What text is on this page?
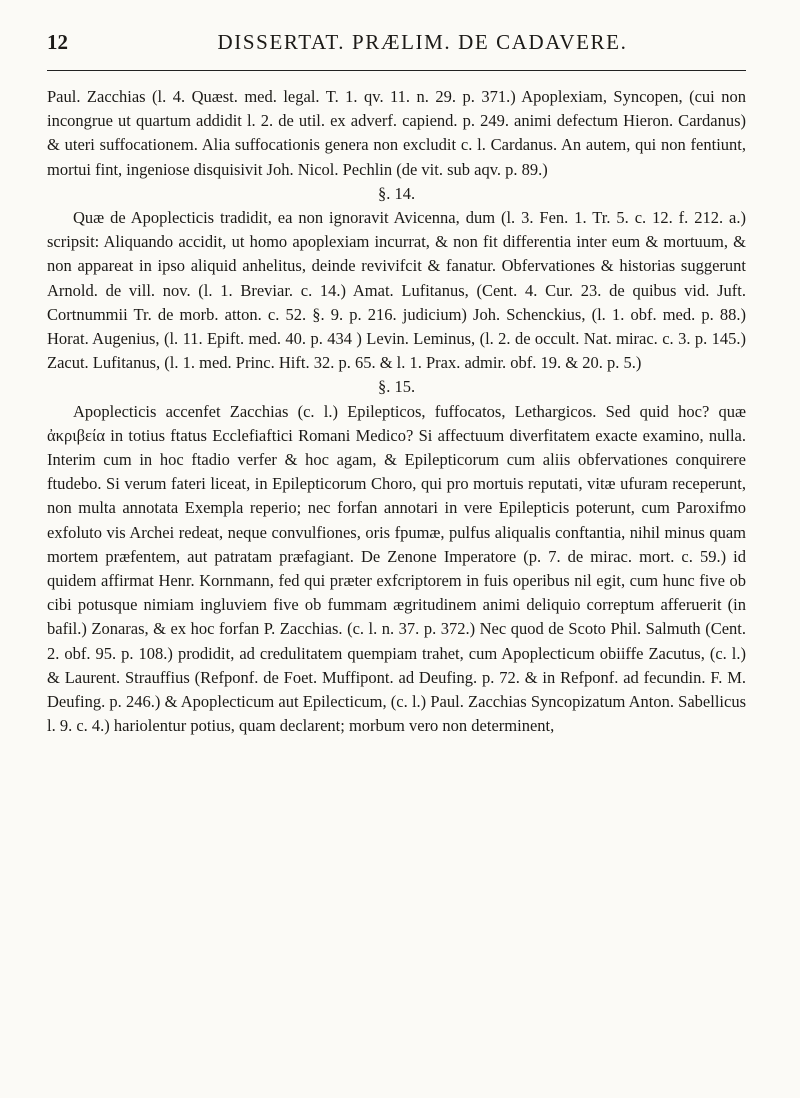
12	DISSERTAT. PRÆLIM. DE CADAVERE.

Paul. Zacchias (l. 4. Quæst. med. legal. T. 1. qv. 11. n. 29. p. 371.) Apoplexiam, Syncopen, (cui non incongrue ut quartum addidit l. 2. de util. ex adverf. capiend. p. 249. animi defectum Hieron. Cardanus) & uteri suffocationem. Alia suffocationis genera non excludit c. l. Cardanus. An autem, qui non fentiunt, mortui fint, ingeniose disquisivit Joh. Nicol. Pechlin (de vit. sub aqv. p. 89.)

§. 14.

Quæ de Apoplecticis tradidit, ea non ignoravit Avicenna, dum (l. 3. Fen. 1. Tr. 5. c. 12. f. 212. a.) scripsit: Aliquando accidit, ut homo apoplexiam incurrat, & non fit differentia inter eum & mortuum, & non appareat in ipso aliquid anhelitus, deinde revivifcit & fanatur. Obfervationes & historias suggerunt Arnold. de vill. nov. (l. 1. Breviar. c. 14.) Amat. Lufitanus, (Cent. 4. Cur. 23. de quibus vid. Juft. Cortnummii Tr. de morb. atton. c. 52. §. 9. p. 216. judicium) Joh. Schenckius, (l. 1. obf. med. p. 88.) Horat. Augenius, (l. 11. Epift. med. 40. p. 434 ) Levin. Leminus, (l. 2. de occult. Nat. mirac. c. 3. p. 145.) Zacut. Lufitanus, (l. 1. med. Princ. Hift. 32. p. 65. & l. 1. Prax. admir. obf. 19. & 20. p. 5.)

§. 15.

Apoplecticis accenfet Zacchias (c. l.) Epilepticos, fuffocatos, Lethargicos. Sed quid hoc? quæ ἀκριβεία in totius ftatus Ecclefiaftici Romani Medico? Si affectuum diverfitatem exacte examino, nulla. Interim cum in hoc ftadio verfer & hoc agam, & Epilepticorum cum aliis obfervationes conquirere ftudebo. Si verum fateri liceat, in Epilepticorum Choro, qui pro mortuis reputati, vitæ ufuram receperunt, non multa annotata Exempla reperio; nec forfan annotari in vere Epilepticis poterunt, cum Paroxifmo exfoluto vis Archei redeat, neque convulfiones, oris fpumæ, pulfus aliqualis conftantia, nihil minus quam mortem præfentem, aut patratam præfagiant. De Zenone Imperatore (p. 7. de mirac. mort. c. 59.) id quidem affirmat Henr. Kornmann, fed qui præter exfcriptorem in fuis operibus nil egit, cum hunc five ob cibi potusque nimiam ingluviem five ob fummam ægritudinem animi deliquio correptum afferuerit (in bafil.) Zonaras, & ex hoc forfan P. Zacchias. (c. l. n. 37. p. 372.) Nec quod de Scoto Phil. Salmuth (Cent. 2. obf. 95. p. 108.) prodidit, ad credulitatem quempiam trahet, cum Apoplecticum obiiffe Zacutus, (c. l.) & Laurent. Strauffius (Refponf. de Foet. Muffipont. ad Deufing. p. 72. & in Refponf. ad fecundin. F. M. Deufing. p. 246.) & Apoplecticum aut Epilecticum, (c. l.) Paul. Zacchias Syncopizatum Anton. Sabellicus l. 9. c. 4.) hariolentur potius, quam declarent; morbum vero non determinent,
